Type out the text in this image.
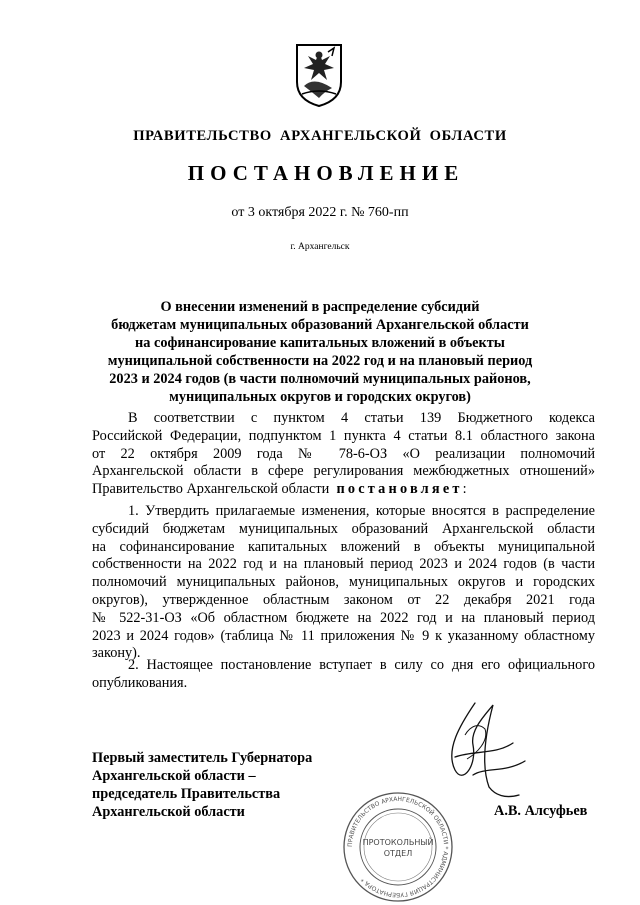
ПРАВИТЕЛЬСТВО АРХАНГЕЛЬСКОЙ ОБЛАСТИ
ПОСТАНОВЛЕНИЕ
от 3 октября 2022 г. № 760-пп
г. Архангельск
О внесении изменений в распределение субсидий
бюджетам муниципальных образований Архангельской области
на софинансирование капитальных вложений в объекты
муниципальной собственности на 2022 год и на плановый период
2023 и 2024 годов (в части полномочий муниципальных районов,
муниципальных округов и городских округов)
В соответствии с пунктом 4 статьи 139 Бюджетного кодекса
Российской Федерации, подпунктом 1 пункта 4 статьи 8.1 областного закона
от 22 октября 2009 года № 78-6-ОЗ «О реализации полномочий
Архангельской области в сфере регулирования межбюджетных отношений»
Правительство Архангельской области постановляет:
1. Утвердить прилагаемые изменения, которые вносятся в распределение
субсидий бюджетам муниципальных образований Архангельской области
на софинансирование капитальных вложений в объекты муниципальной
собственности на 2022 год и на плановый период 2023 и 2024 годов (в части
полномочий муниципальных районов, муниципальных округов и городских
округов), утвержденное областным законом от 22 декабря 2021 года
№ 522-31-ОЗ «Об областном бюджете на 2022 год и на плановый период
2023 и 2024 годов» (таблица № 11 приложения № 9 к указанному областному
закону).
2. Настоящее постановление вступает в силу со дня его официального
опубликования.
ПРАВИТЕЛЬСТВО АРХАНГЕЛЬСКОЙ ОБЛАСТИ * АДМИНИСТРАЦИЯ ГУБЕРНАТОРА *
ПРОТОКОЛЬНЫЙ
ОТДЕЛ
Первый заместитель Губернатора
Архангельской области –
председатель Правительства
Архангельской области	А.В. Алсуфьев
